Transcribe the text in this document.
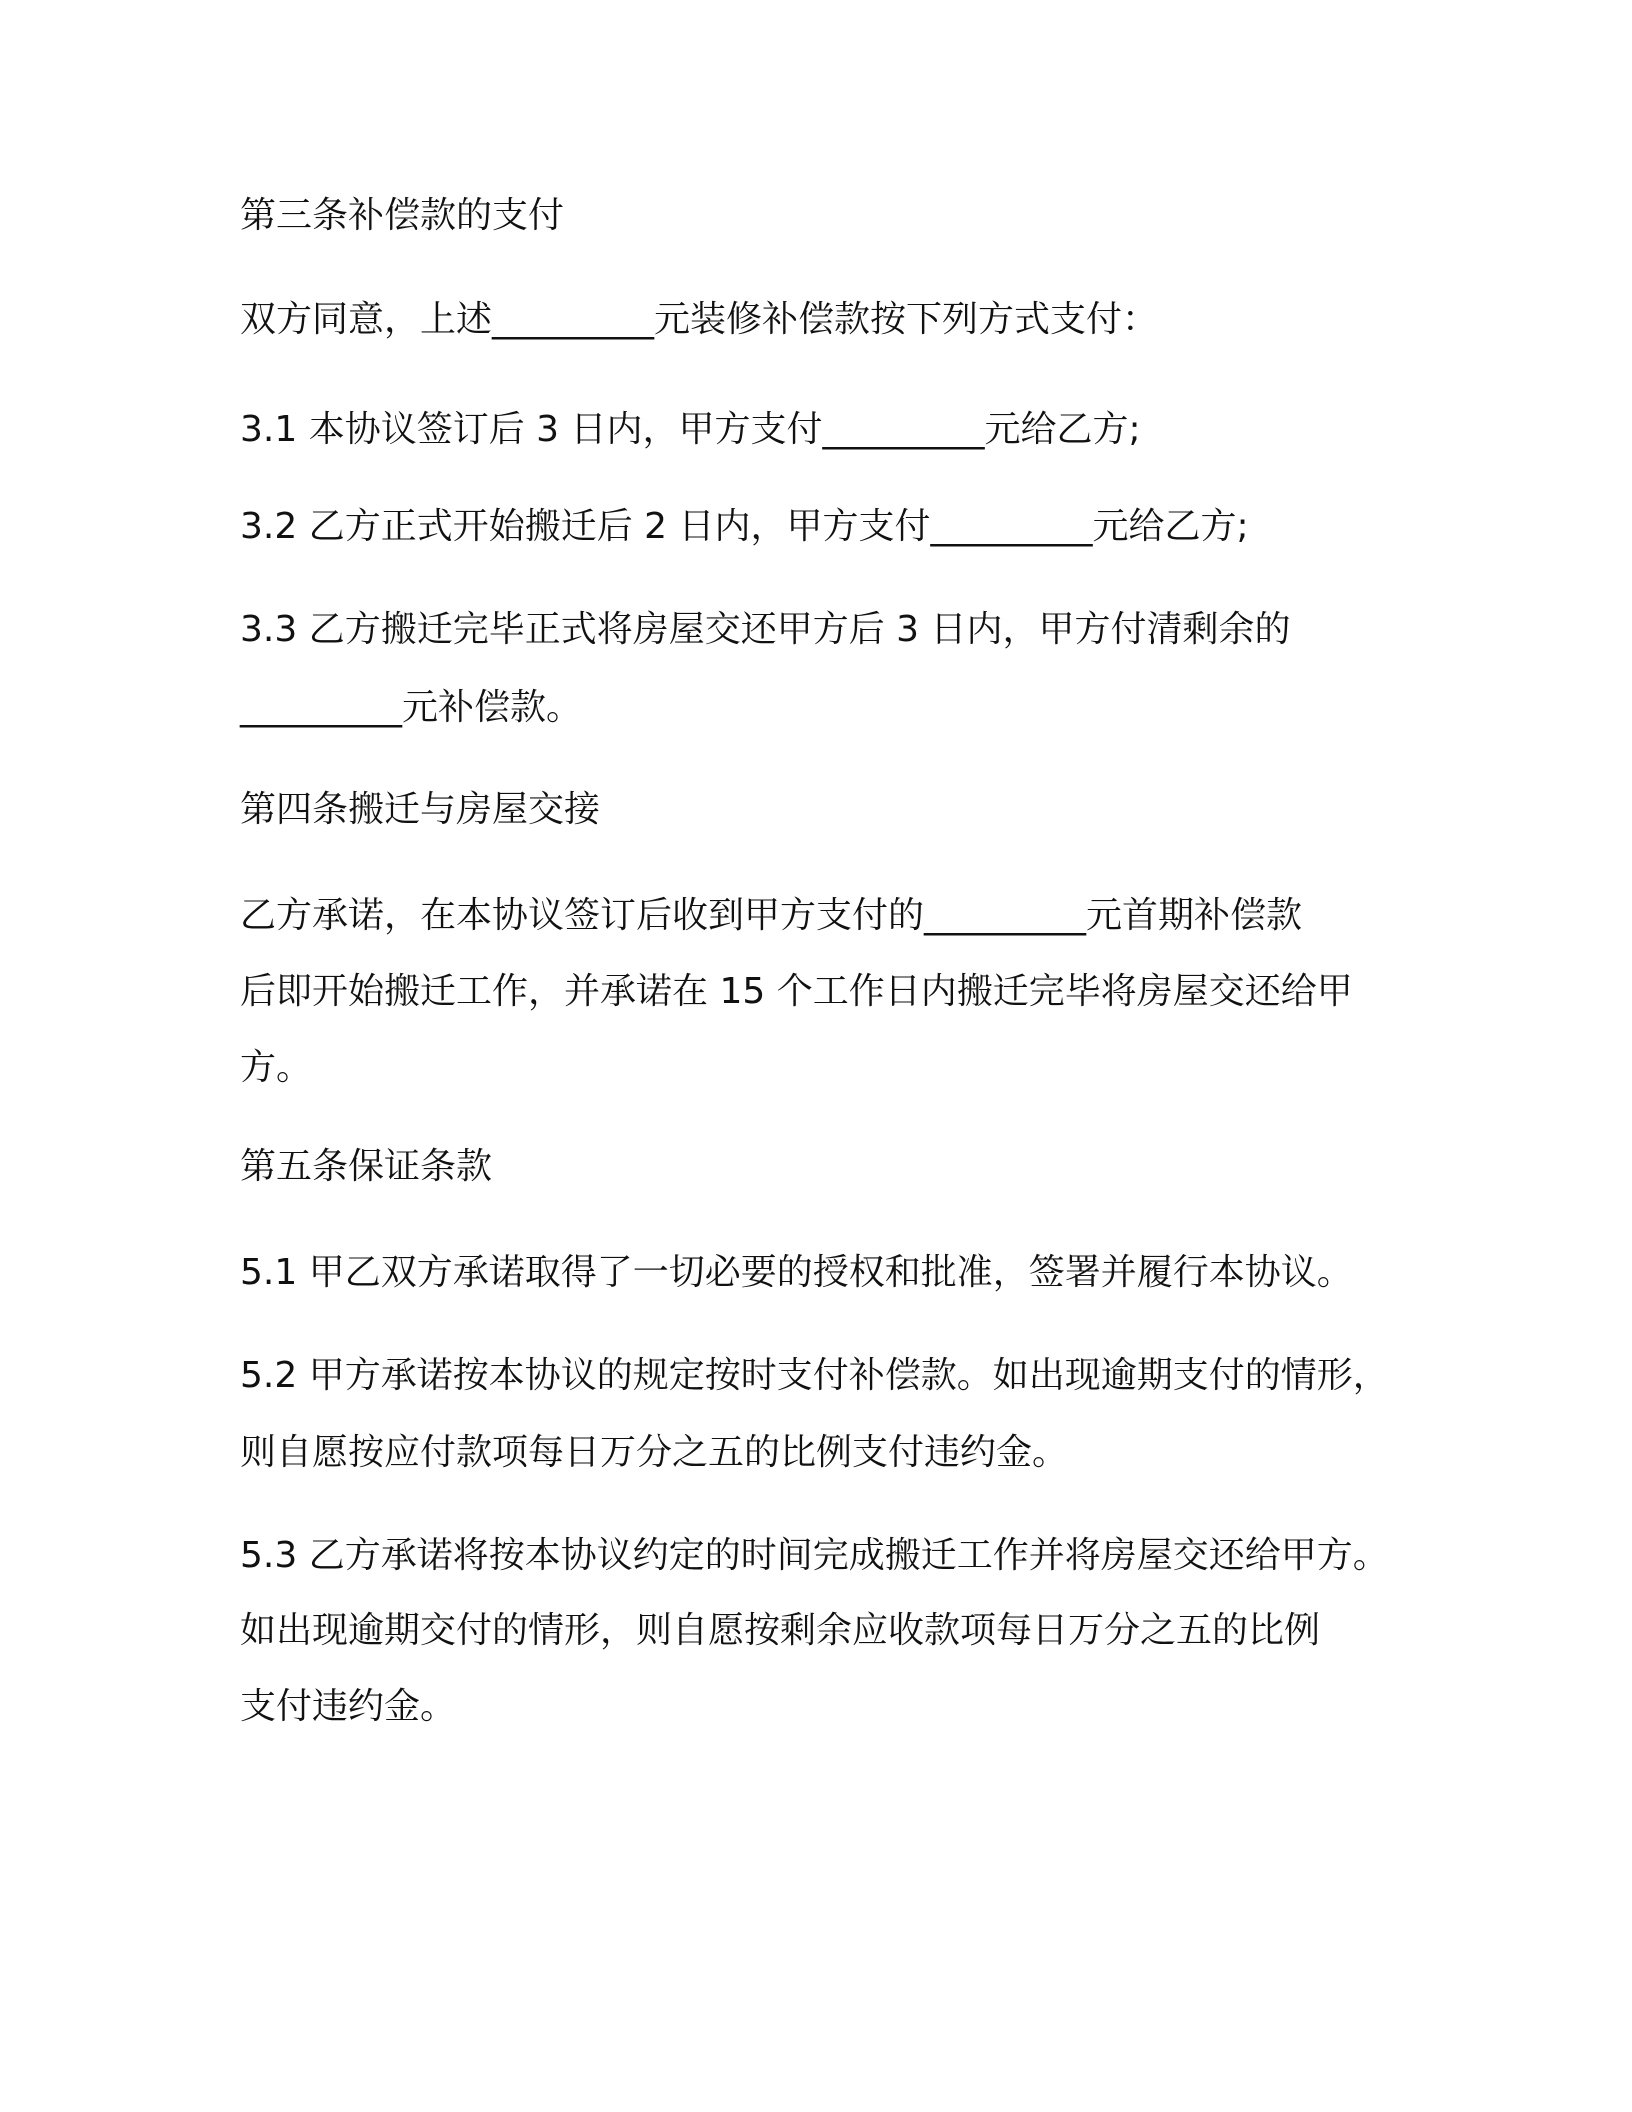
第三条补偿款的支付

双方同意，上述_________元装修补偿款按下列方式支付：

3.1 本协议签订后 3 日内，甲方支付_________元给乙方;

3.2 乙方正式开始搬迁后 2 日内，甲方支付_________元给乙方;

3.3 乙方搬迁完毕正式将房屋交还甲方后 3 日内，甲方付清剩余的

_________元补偿款。

第四条搬迁与房屋交接

乙方承诺，在本协议签订后收到甲方支付的_________元首期补偿款

后即开始搬迁工作，并承诺在 15 个工作日内搬迁完毕将房屋交还给甲

方。

第五条保证条款

5.1 甲乙双方承诺取得了一切必要的授权和批准，签署并履行本协议。

5.2 甲方承诺按本协议的规定按时支付补偿款。如出现逾期支付的情形，

则自愿按应付款项每日万分之五的比例支付违约金。

5.3 乙方承诺将按本协议约定的时间完成搬迁工作并将房屋交还给甲方。

如出现逾期交付的情形，则自愿按剩余应收款项每日万分之五的比例

支付违约金。
